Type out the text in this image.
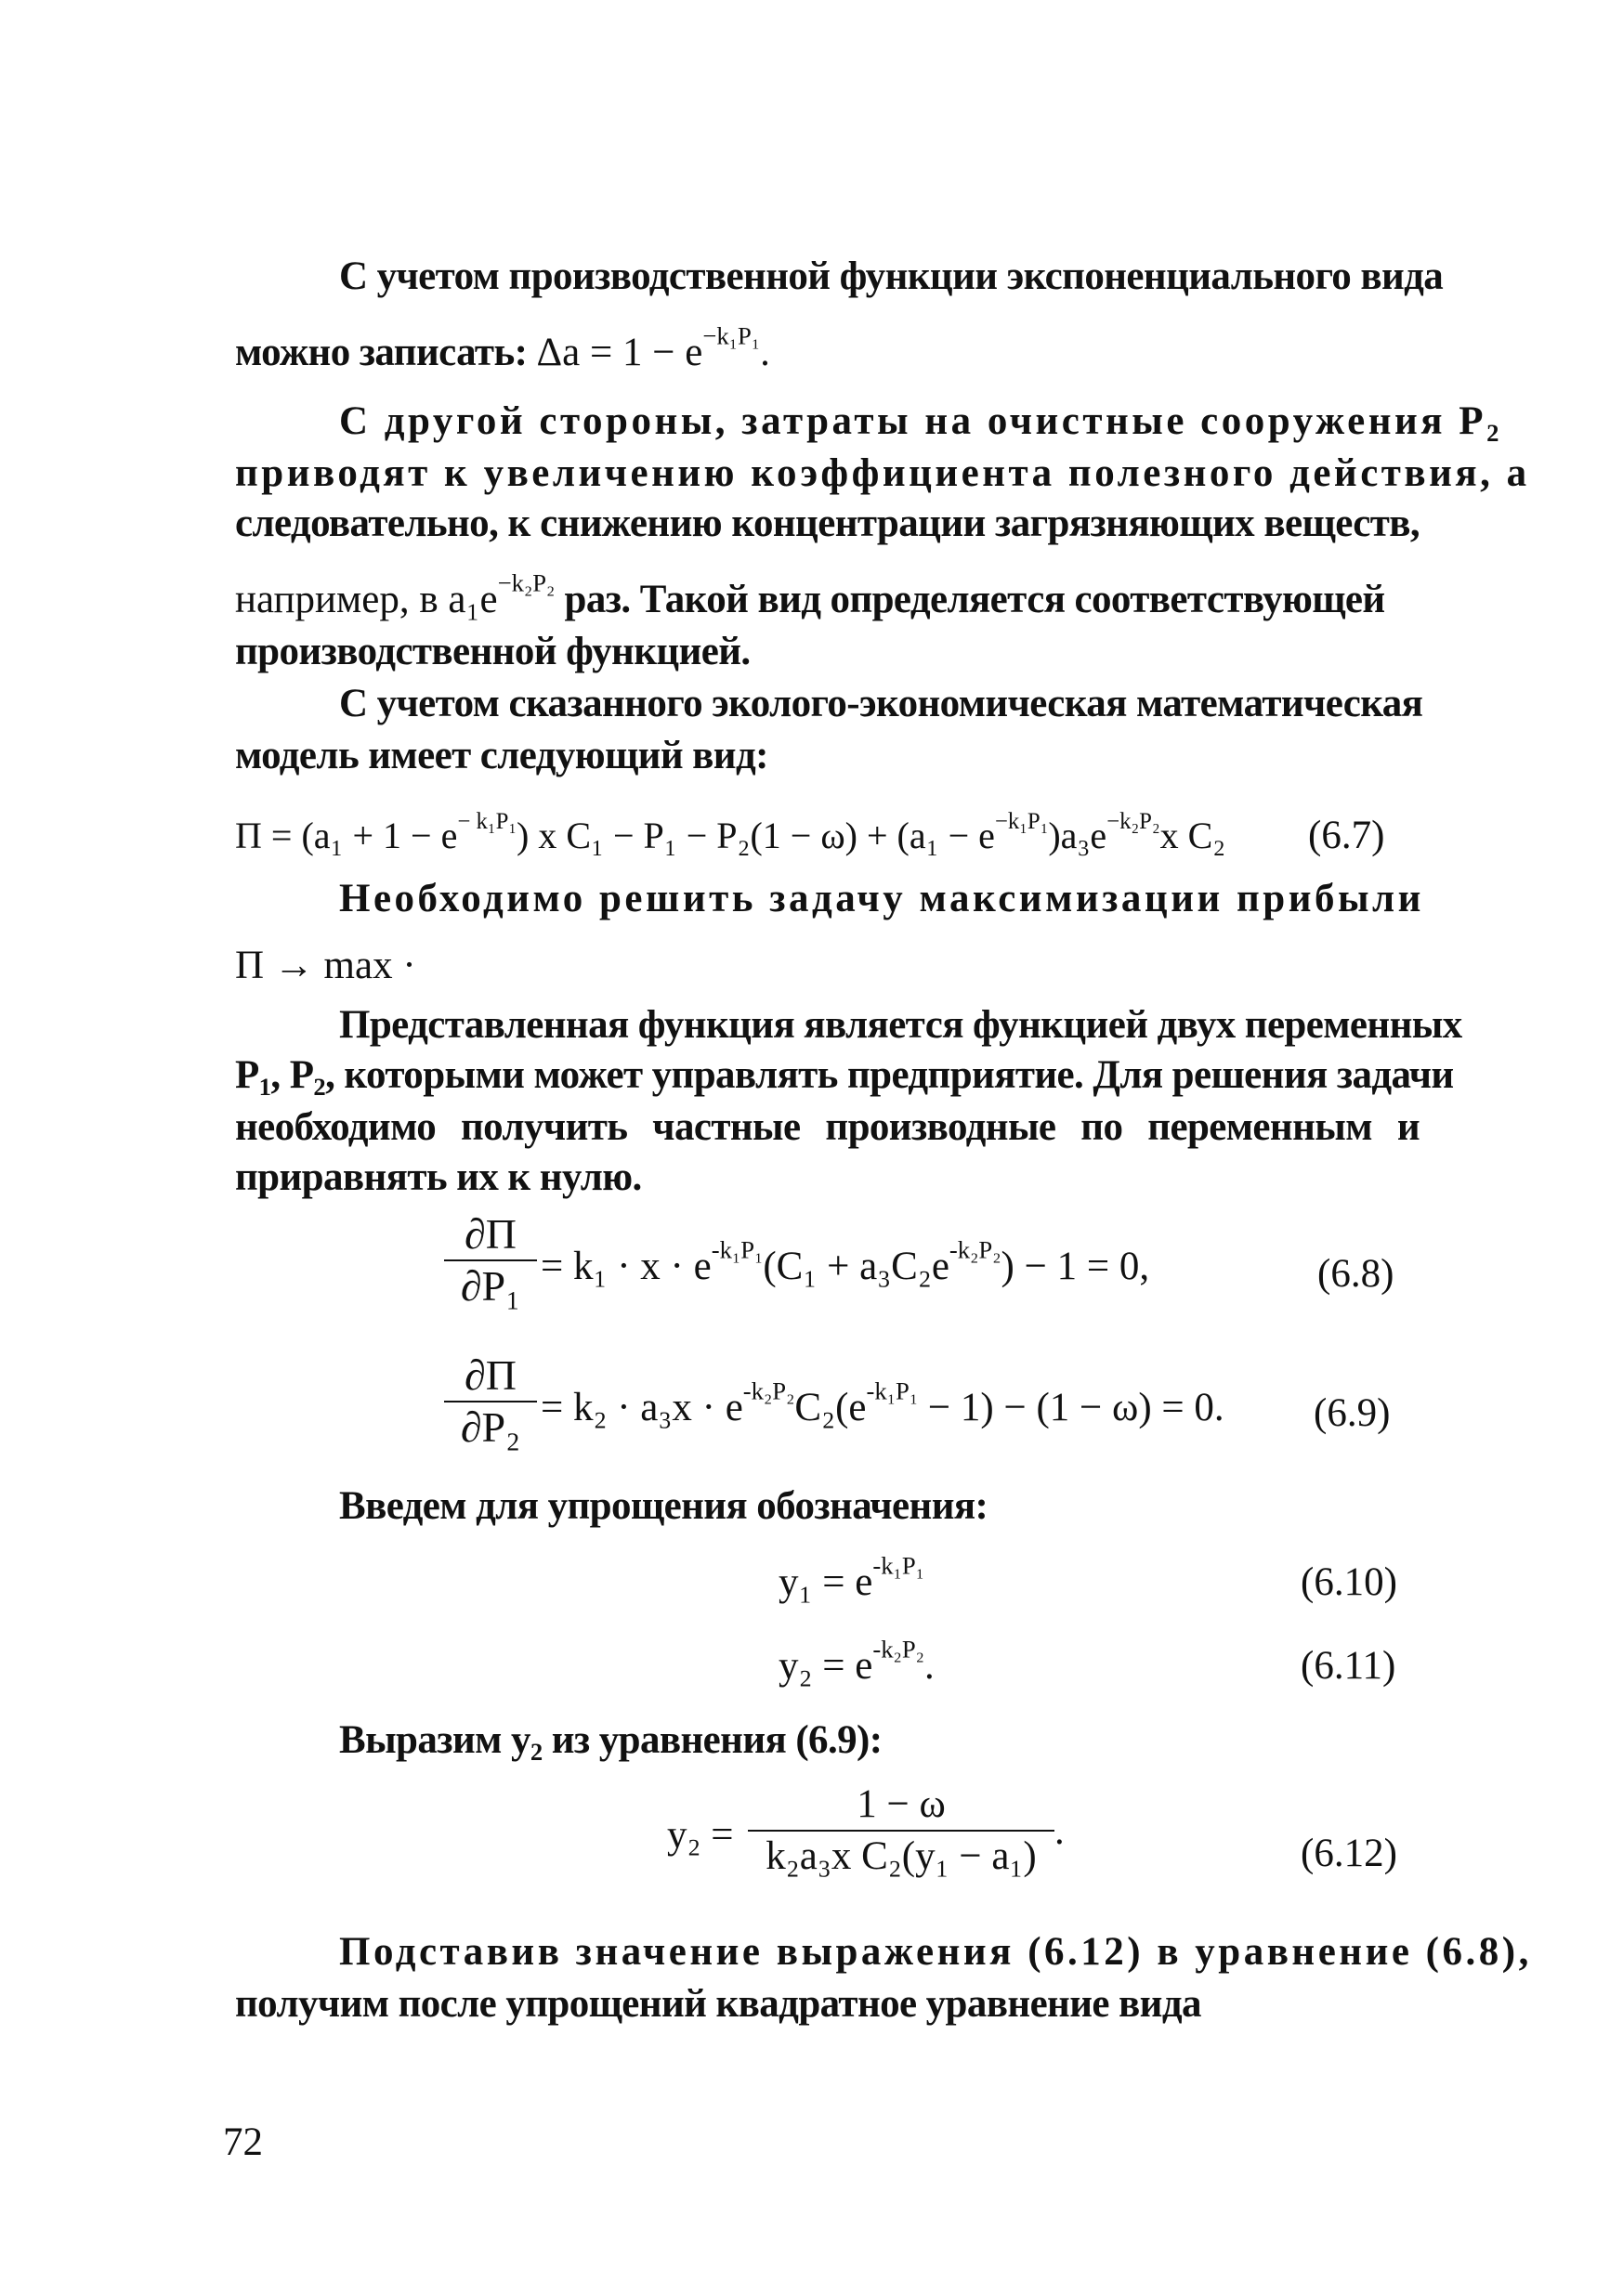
С учетом производственной функции экспоненциального вида
можно записать: $\Delta a = 1 - e^{-k_1P_1}$.
С другой стороны, затраты на очистные сооружения $P_2$
приводят к увеличению коэффициента полезного действия, а
следовательно, к снижению концентрации загрязняющих веществ,
например, в $a_1e^{-k_2P_2}$ раз. Такой вид определяется соответствующей
производственной функцией.
С учетом сказанного эколого-экономическая математическая
модель имеет следующий вид:
$П = (a_1 + 1 - e^{- k_1P_1})$ x $C_1 - P_1 - P_2(1 - \omega) + (a_1 - e^{-k_1P_1})a_3e^{-k_2P_2}x$ C₂ (6.7)
Необходимо решить задачу максимизации прибыли
П → max ·
Представленная функция является функцией двух переменных
$P_1$, $P_2$, которыми может управлять предприятие. Для решения задачи
необходимо получить частные производные по переменным и
приравнять их к нулю.
∂П
$\partial P_1 = k_1 \cdot x \cdot e^{-k_1P_1}(C_1 + a_3C_2e^{-k_2P_2}) - 1 = 0$,	(6.8)
∂П
$\partial P_2 = k_2 \cdot a_3x \cdot e^{-k_2P_2}C_2(e^{-k_1P_1} - 1) - (1 - \omega) = 0$. (6.9)
Введем для упрощения обозначения:
$y_1 = e^{-k_1P_1}$	(6.10)
$y_2 = e^{-k_2P_2}$.	(6.11)
Выразим $y_2$ из уравнения (6.9):
y₂ =
1 − ω
k₂a₃x C₂(y₁ − a₁)
.
(6.12)
Подставив значение выражения (6.12) в уравнение (6.8),
получим после упрощений квадратное уравнение вида
72
